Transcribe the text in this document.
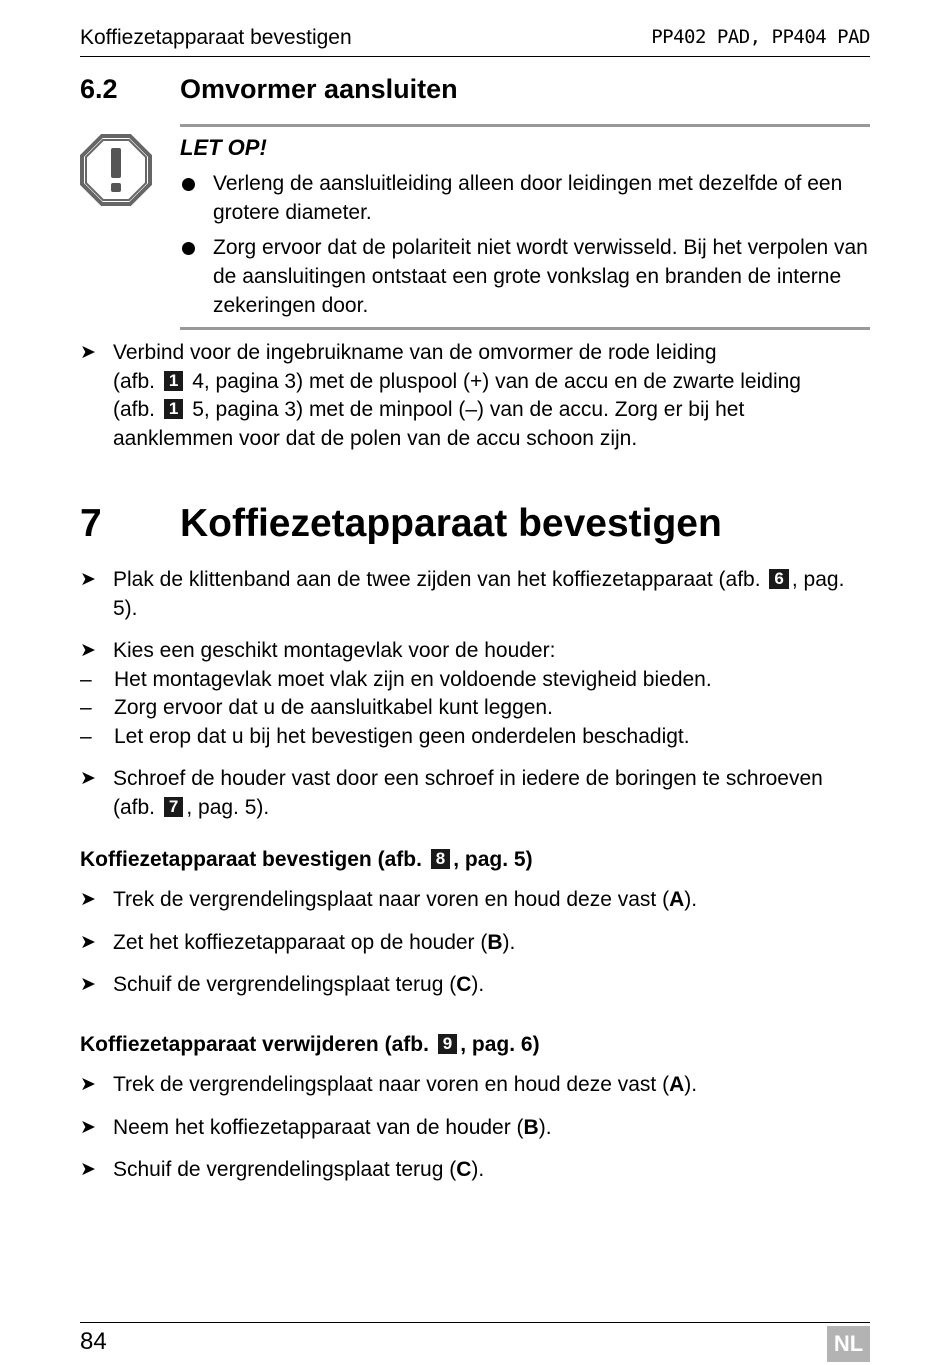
Koffiezetapparaat bevestigen	PP402 PAD, PP404 PAD
6.2 Omvormer aansluiten
LET OP!
Verleng de aansluitleiding alleen door leidingen met dezelfde of een grotere diameter.
Zorg ervoor dat de polariteit niet wordt verwisseld. Bij het verpolen van de aansluitingen ontstaat een grote vonkslag en branden de interne zekeringen door.
➤ Verbind voor de ingebruikname van de omvormer de rode leiding
(afb. 1 4, pagina 3) met de pluspool (+) van de accu en de zwarte leiding
(afb. 1 5, pagina 3) met de minpool (–) van de accu. Zorg er bij het aanklemmen voor dat de polen van de accu schoon zijn.
7 Koffiezetapparaat bevestigen
➤ Plak de klittenband aan de twee zijden van het koffiezetapparaat (afb. 6 , pag. 5).
➤ Kies een geschikt montagevlak voor de houder:
– Het montagevlak moet vlak zijn en voldoende stevigheid bieden.
– Zorg ervoor dat u de aansluitkabel kunt leggen.
– Let erop dat u bij het bevestigen geen onderdelen beschadigt.
➤ Schroef de houder vast door een schroef in iedere de boringen te schroeven (afb. 7 , pag. 5).
Koffiezetapparaat bevestigen (afb. 8 , pag. 5)
➤ Trek de vergrendelingsplaat naar voren en houd deze vast (A).
➤ Zet het koffiezetapparaat op de houder (B).
➤ Schuif de vergrendelingsplaat terug (C).
Koffiezetapparaat verwijderen (afb. 9 , pag. 6)
➤ Trek de vergrendelingsplaat naar voren en houd deze vast (A).
➤ Neem het koffiezetapparaat van de houder (B).
➤ Schuif de vergrendelingsplaat terug (C).
84	NL
